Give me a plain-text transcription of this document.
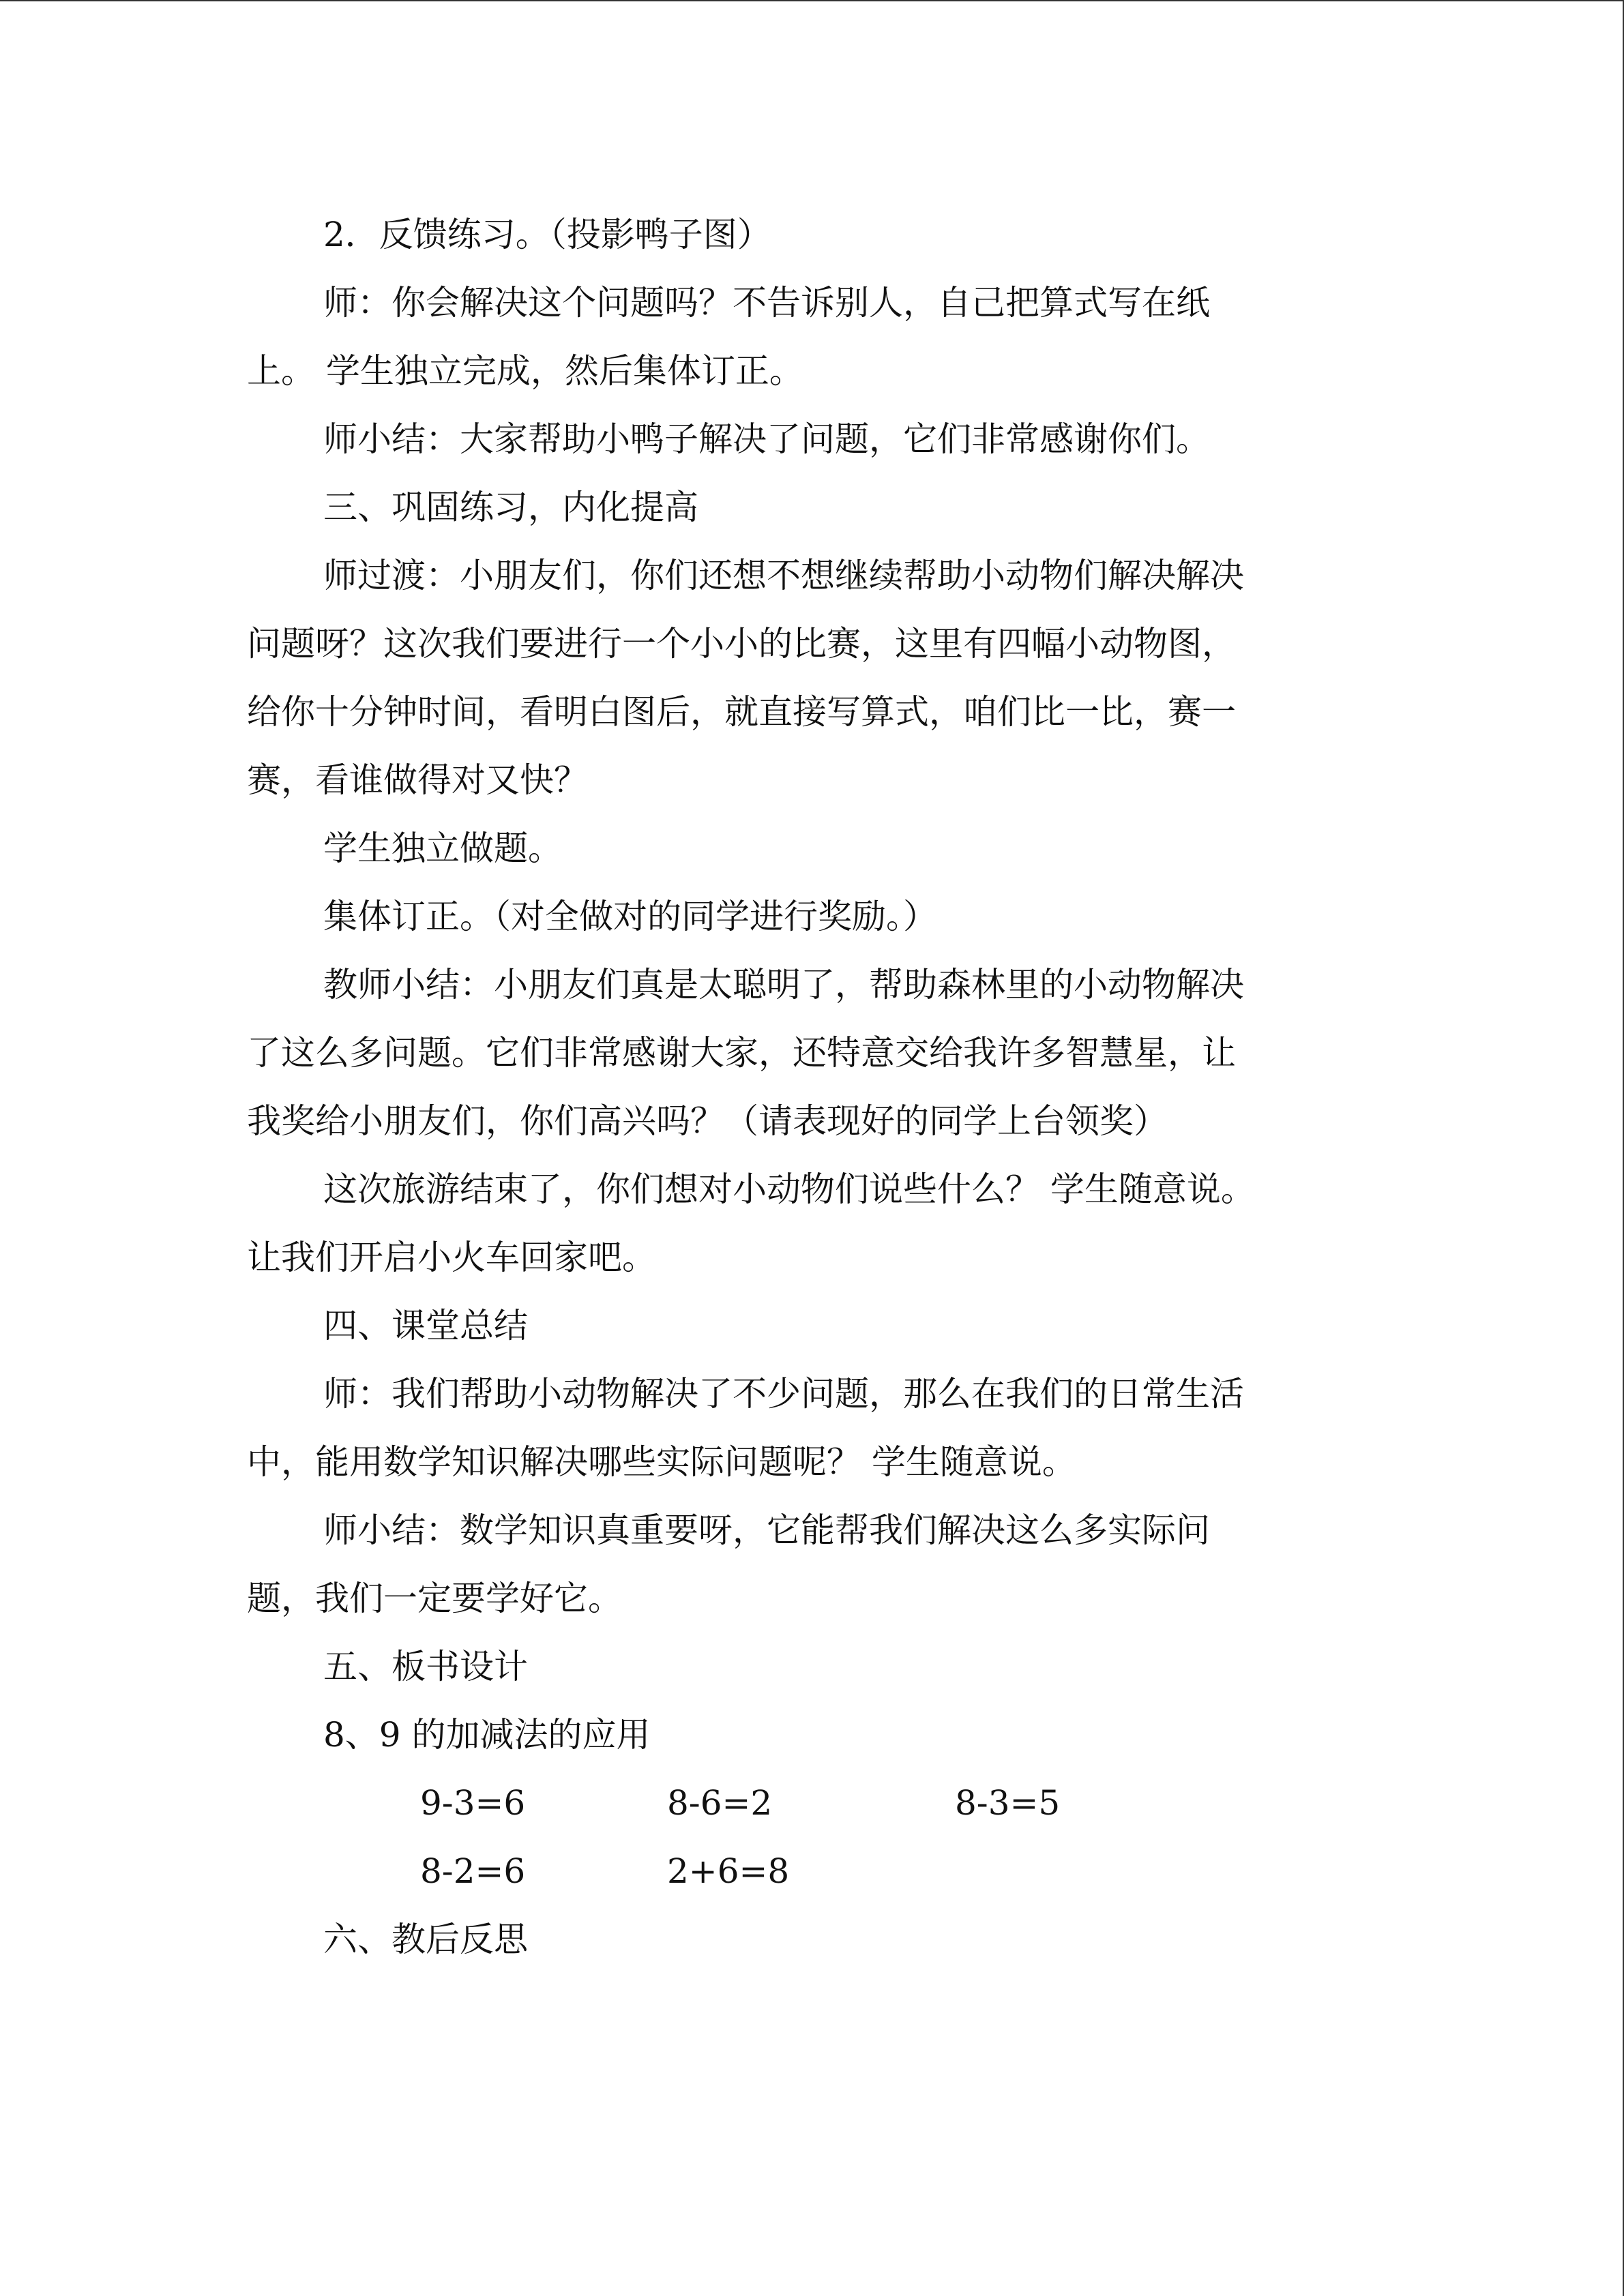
2．反馈练习。（投影鸭子图）
师：你会解决这个问题吗？不告诉别人，自己把算式写在纸
上。 学生独立完成，然后集体订正。
师小结：大家帮助小鸭子解决了问题，它们非常感谢你们。
三、巩固练习，内化提高
师过渡：小朋友们，你们还想不想继续帮助小动物们解决解决
问题呀？这次我们要进行一个小小的比赛，这里有四幅小动物图，
给你十分钟时间，看明白图后，就直接写算式，咱们比一比，赛一
赛，看谁做得对又快？
学生独立做题。
集体订正。（对全做对的同学进行奖励。）
教师小结：小朋友们真是太聪明了，帮助森林里的小动物解决
了这么多问题。它们非常感谢大家，还特意交给我许多智慧星，让
我奖给小朋友们，你们高兴吗？（请表现好的同学上台领奖）
这次旅游结束了，你们想对小动物们说些什么？ 学生随意说。
让我们开启小火车回家吧。
四、课堂总结
师：我们帮助小动物解决了不少问题，那么在我们的日常生活
中，能用数学知识解决哪些实际问题呢？ 学生随意说。
师小结：数学知识真重要呀，它能帮我们解决这么多实际问
题，我们一定要学好它。
五、板书设计
8、9 的加减法的应用
9-3=6	8-6=2	8-3=5
8-2=6	2+6=8
六、教后反思
